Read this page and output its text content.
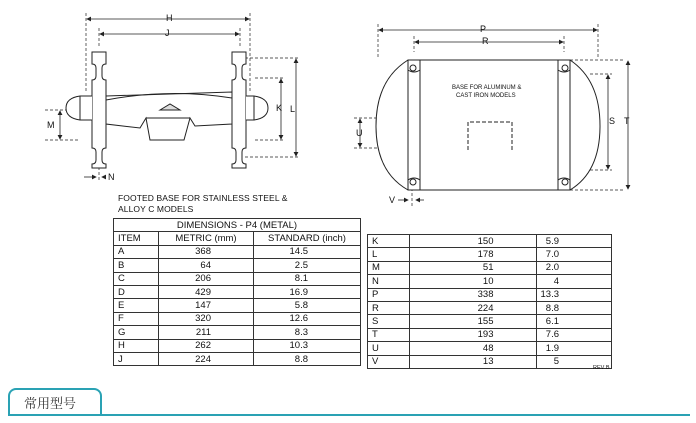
H
J
K L
M
N
P
R
S T
U
V
BASE FOR ALUMINUM &
CAST IRON MODELS
FOOTED BASE FOR STAINLESS STEEL &
ALLOY C MODELS
DIMENSIONS - P4 (METAL)		
ITEM	METRIC (mm)	STANDARD (inch)
A	368	14.5
B	64	2.5
C	206	8.1
D	429	16.9
E	147	5.8
F	320	12.6
G	211	8.3
H	262	10.3
J	224	8.8
K	150	5.9
L	178	7.0
M	51	2.0
N	10	4
P	338	13.3
R	224	8.8
S	155	6.1
T	193	7.6
U	48	1.9
V	13	5
REV B
常用型号
